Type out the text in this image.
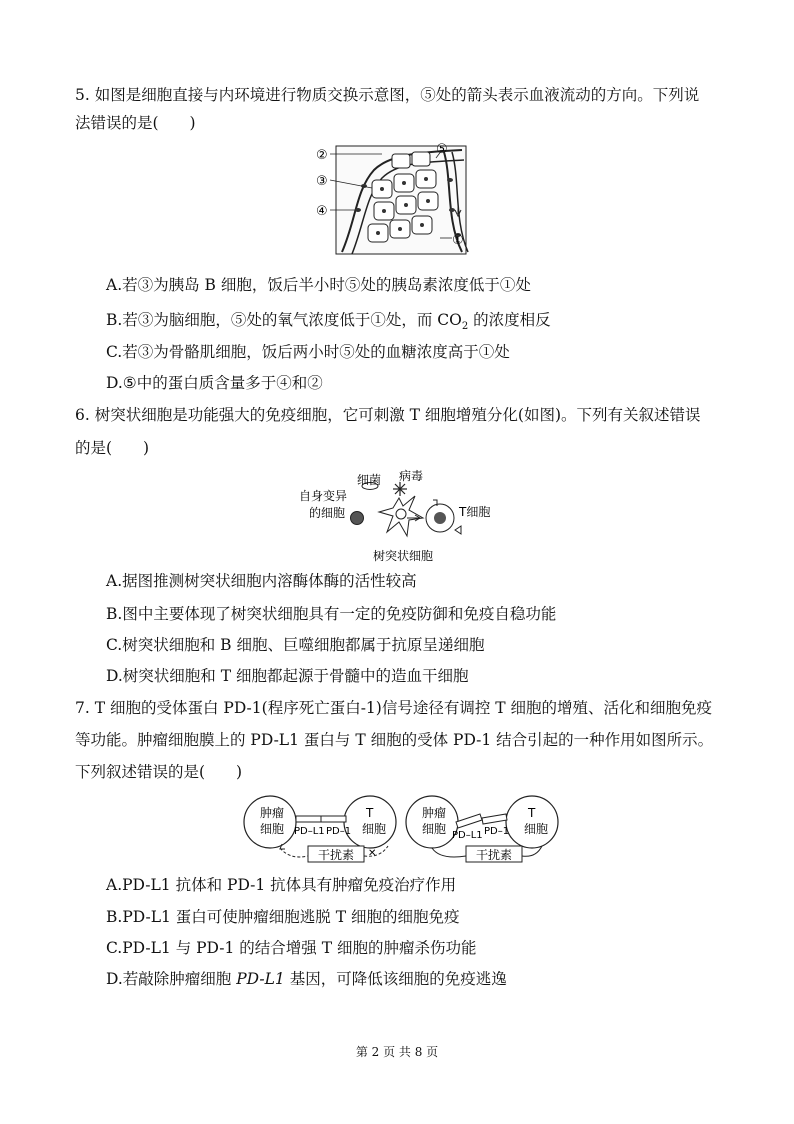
5. 如图是细胞直接与内环境进行物质交换示意图，⑤处的箭头表示血液流动的方向。下列说
法错误的是(　　)
②
③
④
⑤
①
A.若③为胰岛 B 细胞，饭后半小时⑤处的胰岛素浓度低于①处
B.若③为脑细胞，⑤处的氧气浓度低于①处，而 $CO_2$ 的浓度相反
C.若③为骨骼肌细胞，饭后两小时⑤处的血糖浓度高于①处
D.⑤中的蛋白质含量多于④和②
6. 树突状细胞是功能强大的免疫细胞，它可刺激 T 细胞增殖分化(如图)。下列有关叙述错误
的是(　　)
细菌 病毒
自身变异
的细胞	T细胞
树突状细胞
A.据图推测树突状细胞内溶酶体酶的活性较高
B.图中主要体现了树突状细胞具有一定的免疫防御和免疫自稳功能
C.树突状细胞和 B 细胞、巨噬细胞都属于抗原呈递细胞
D.树突状细胞和 T 细胞都起源于骨髓中的造血干细胞
7. T 细胞的受体蛋白 PD-1(程序死亡蛋白-1)信号途径有调控 T 细胞的增殖、活化和细胞免疫
等功能。肿瘤细胞膜上的 PD-L1 蛋白与 T 细胞的受体 PD-1 结合引起的一种作用如图所示。
下列叙述错误的是(　　)
肿瘤
细胞
T
细胞
PD–L1 PD–1
干扰素 ✕
肿瘤
细胞
T
细胞
PD–L1 PD–1
干扰素
A.PD-L1 抗体和 PD-1 抗体具有肿瘤免疫治疗作用
B.PD-L1 蛋白可使肿瘤细胞逃脱 T 细胞的细胞免疫
C.PD-L1 与 PD-1 的结合增强 T 细胞的肿瘤杀伤功能
D.若敲除肿瘤细胞 PD-L1 基因，可降低该细胞的免疫逃逸
第 2 页 共 8 页
